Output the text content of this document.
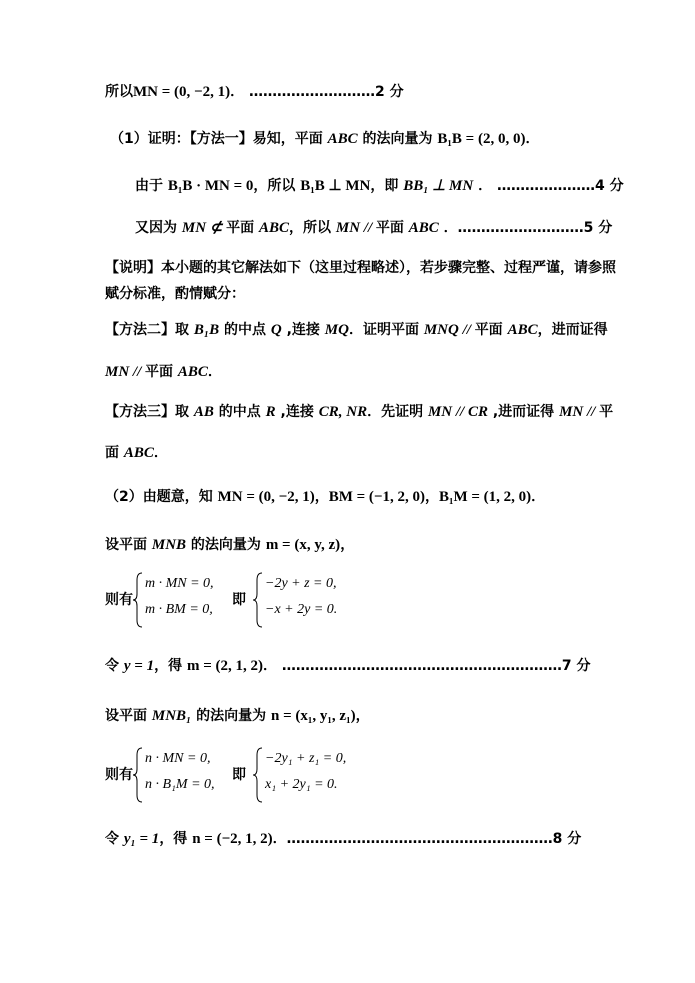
所以MN = (0, −2, 1)． ………………………2 分
（1）证明：【方法一】易知，平面 ABC 的法向量为 B₁B = (2, 0, 0)．
由于 B₁B · MN = 0，所以 B₁B ⊥ MN，即 BB₁ ⊥ MN ． …………………4 分
又因为 MN ⊄ 平面 ABC，所以 MN // 平面 ABC ．………………………5 分
【说明】本小题的其它解法如下（这里过程略述），若步骤完整、过程严谨，请参照
赋分标准，酌情赋分：
【方法二】取 B₁B 的中点 Q ,连接 MQ．证明平面 MNQ // 平面 ABC，进而证得
MN // 平面 ABC．
【方法三】取 AB 的中点 R ,连接 CR, NR．先证明 MN // CR ,进而证得 MN // 平
面 ABC．
（2）由题意，知 MN = (0, −2, 1)，BM = (−1, 2, 0)，B₁M = (1, 2, 0)．
设平面 MNB 的法向量为 m = (x, y, z)，
则有
m · MN = 0,
m · BM = 0,
即
−2y + z = 0,
−x + 2y = 0.
令 y = 1，得 m = (2, 1, 2)． ……………………………………………………7 分
设平面 MNB₁ 的法向量为 n = (x₁, y₁, z₁)，
则有
n · MN = 0,
n · B₁M = 0,
即
−2y₁ + z₁ = 0,
x₁ + 2y₁ = 0.
令 y₁ = 1，得 n = (−2, 1, 2)．…………………………………………………8 分
